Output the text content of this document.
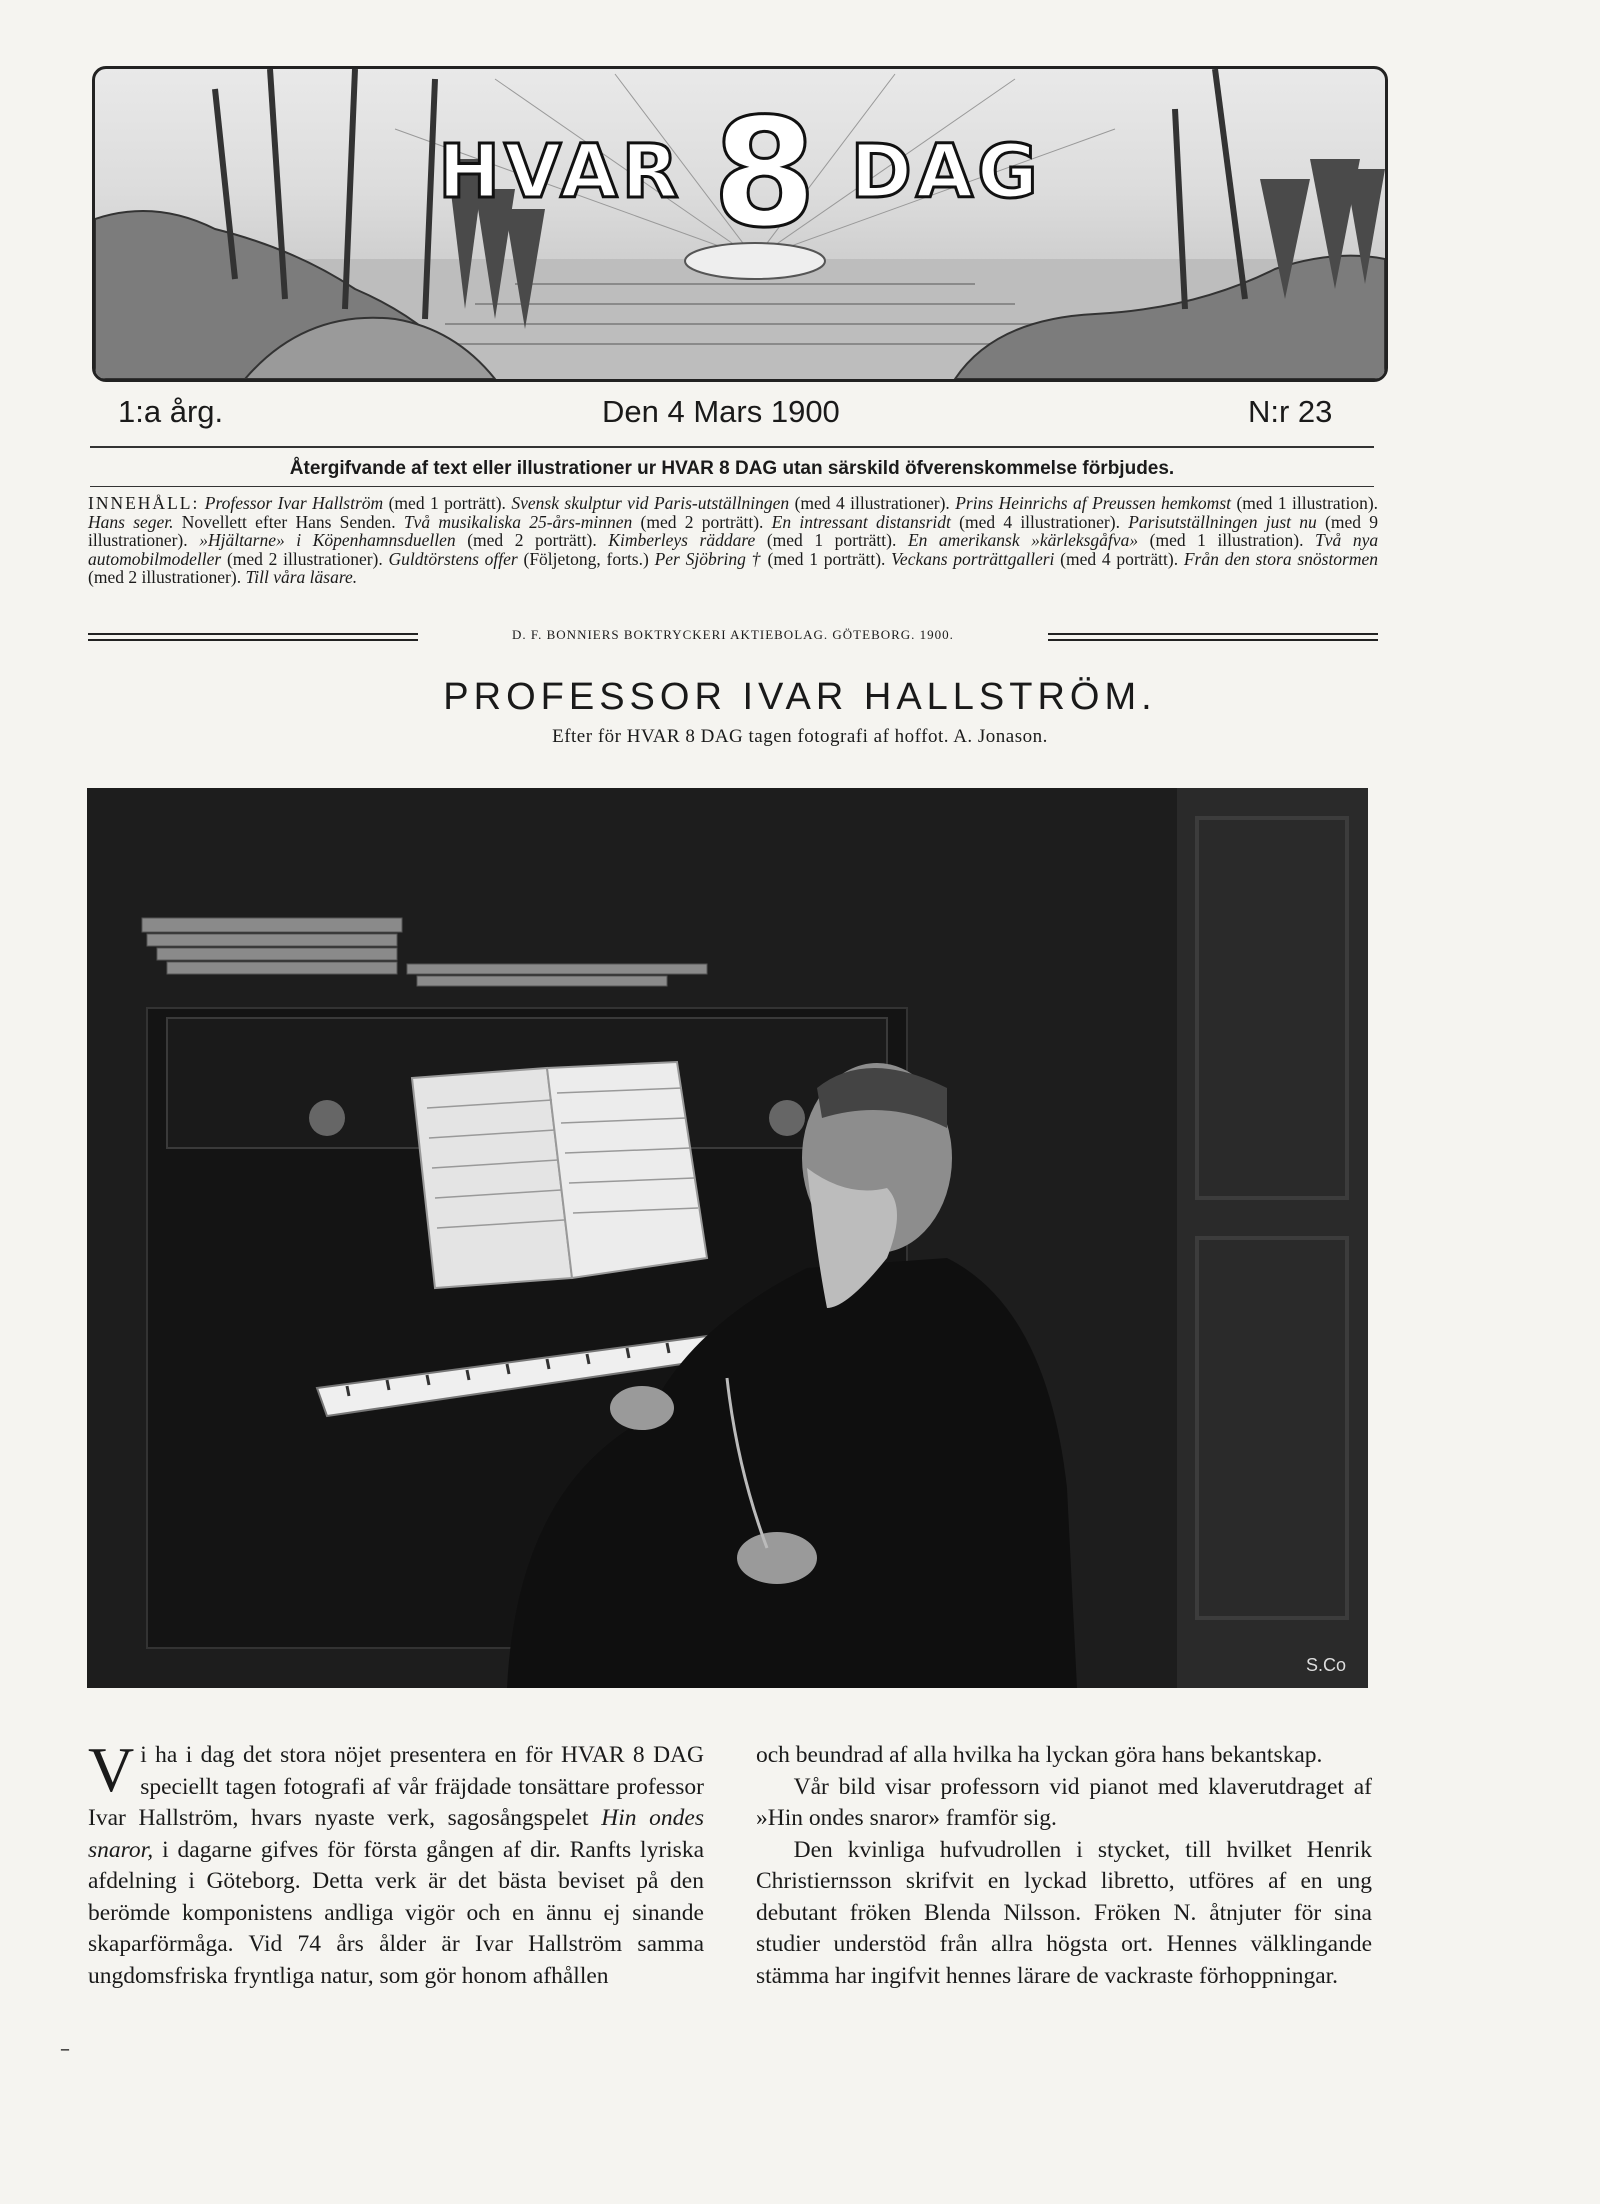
HVAR 8 DAG
1:a årg.	Den 4 Mars 1900	N:r 23
Återgifvande af text eller illustrationer ur HVAR 8 DAG utan särskild öfverenskommelse förbjudes.
INNEHÅLL: Professor Ivar Hallström (med 1 porträtt). Svensk skulptur vid Paris-utställningen (med 4 illustrationer). Prins Heinrichs af Preussen hemkomst (med 1 illustration). Hans seger. Novellett efter Hans Senden. Två musikaliska 25-års-minnen (med 2 porträtt). En intressant distansridt (med 4 illustrationer). Parisutställningen just nu (med 9 illustrationer). »Hjältarne» i Köpenhamnsduellen (med 2 porträtt). Kimberleys räddare (med 1 porträtt). En amerikansk »kärleksgåfva» (med 1 illustration). Två nya automobilmodeller (med 2 illustrationer). Guldtörstens offer (Följetong, forts.) Per Sjöbring † (med 1 porträtt). Veckans porträttgalleri (med 4 porträtt). Från den stora snöstormen (med 2 illustrationer). Till våra läsare.
D. F. BONNIERS BOKTRYCKERI AKTIEBOLAG. GÖTEBORG. 1900.
PROFESSOR IVAR HALLSTRÖM.
Efter för HVAR 8 DAG tagen fotografi af hoffot. A. Jonason.
S.Co

Vi ha i dag det stora nöjet presentera en för HVAR 8 DAG speciellt tagen fotografi af vår fräjdade tonsättare professor Ivar Hallström, hvars nyaste verk, sagosångspelet Hin ondes snaror, i dagarne gifves för första gången af dir. Ranfts lyriska afdelning i Göteborg. Detta verk är det bästa beviset på den berömde komponistens andliga vigör och en ännu ej sinande skaparförmåga. Vid 74 års ålder är Ivar Hallström samma ungdomsfriska fryntliga natur, som gör honom afhållen

och beundrad af alla hvilka ha lyckan göra hans bekantskap.

Vår bild visar professorn vid pianot med klaverutdraget af »Hin ondes snaror» framför sig.

Den kvinliga hufvudrollen i stycket, till hvilket Henrik Christiernsson skrifvit en lyckad libretto, utföres af en ung debutant fröken Blenda Nilsson. Fröken N. åtnjuter för sina studier understöd från allra högsta ort. Hennes välklingande stämma har ingifvit hennes lärare de vackraste förhoppningar.

–
